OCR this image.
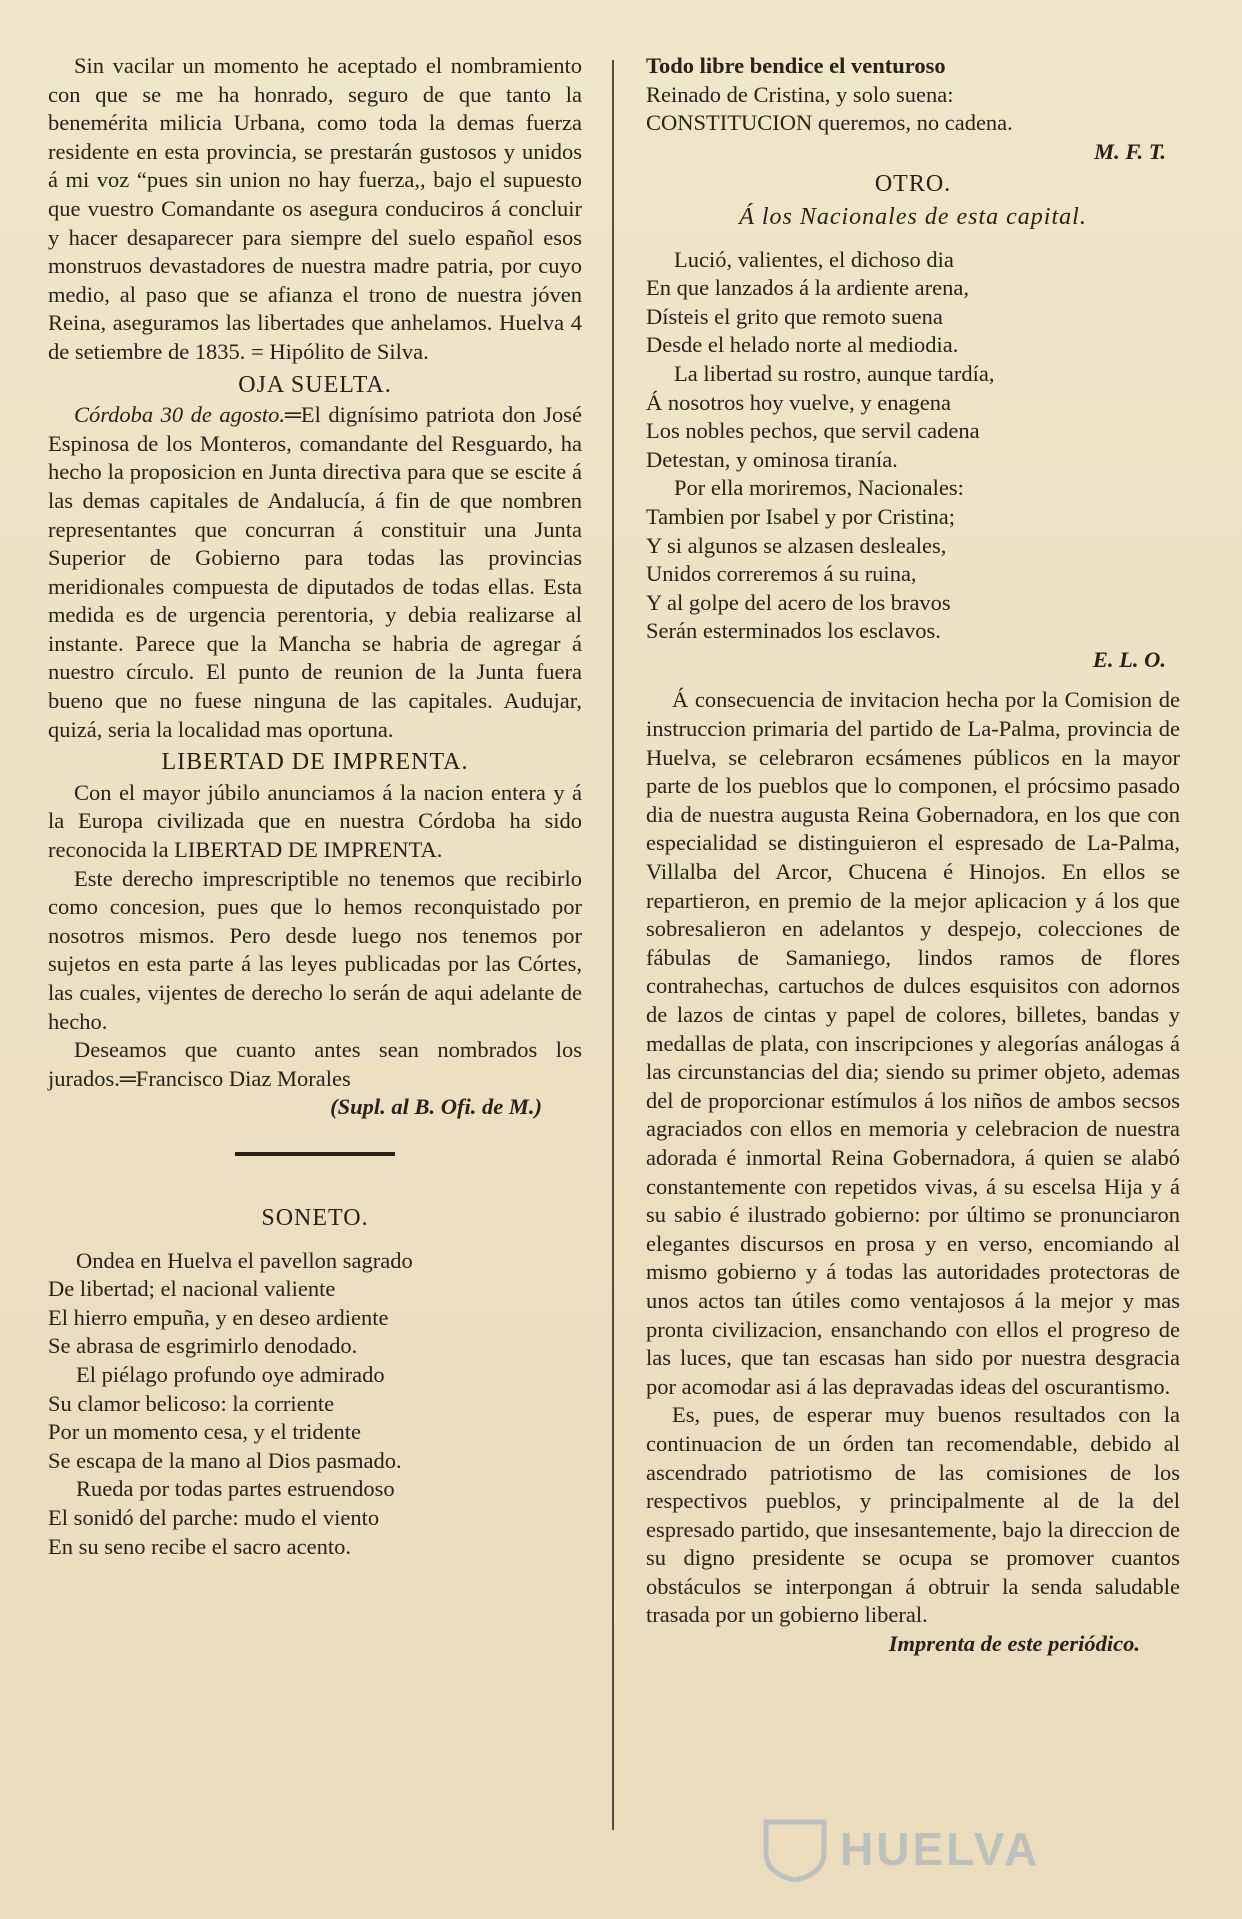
Sin vacilar un momento he aceptado el nombramiento con que se me ha honrado, seguro de que tanto la benemérita milicia Urbana, como toda la demas fuerza residente en esta provincia, se prestarán gustosos y unidos á mi voz “pues sin union no hay fuerza,, bajo el supuesto que vuestro Comandante os asegura conduciros á concluir y hacer desaparecer para siempre del suelo español esos monstruos devastadores de nuestra madre patria, por cuyo medio, al paso que se afianza el trono de nuestra jóven Reina, aseguramos las libertades que anhelamos. Huelva 4 de setiembre de 1835. = Hipólito de Silva.

OJA SUELTA.

Córdoba 30 de agosto.═El dignísimo patriota don José Espinosa de los Monteros, comandante del Resguardo, ha hecho la proposicion en Junta directiva para que se escite á las demas capitales de Andalucía, á fin de que nombren representantes que concurran á constituir una Junta Superior de Gobierno para todas las provincias meridionales compuesta de diputados de todas ellas. Esta medida es de urgencia perentoria, y debia realizarse al instante. Parece que la Mancha se habria de agregar á nuestro círculo. El punto de reunion de la Junta fuera bueno que no fuese ninguna de las capitales. Audujar, quizá, seria la localidad mas oportuna.

LIBERTAD DE IMPRENTA.

Con el mayor júbilo anunciamos á la nacion entera y á la Europa civilizada que en nuestra Córdoba ha sido reconocida la LIBERTAD DE IMPRENTA.

Este derecho imprescriptible no tenemos que recibirlo como concesion, pues que lo hemos reconquistado por nosotros mismos. Pero desde luego nos tenemos por sujetos en esta parte á las leyes publicadas por las Córtes, las cuales, vijentes de derecho lo serán de aqui adelante de hecho.

Deseamos que cuanto antes sean nombrados los jurados.═Francisco Diaz Morales

(Supl. al B. Ofi. de M.)
SONETO.
Ondea en Huelva el pavellon sagrado
De libertad; el nacional valiente
El hierro empuña, y en deseo ardiente
Se abrasa de esgrimirlo denodado.
El piélago profundo oye admirado
Su clamor belicoso: la corriente
Por un momento cesa, y el tridente
Se escapa de la mano al Dios pasmado.
Rueda por todas partes estruendoso
El sonidó del parche: mudo el viento
En su seno recibe el sacro acento.
Todo libre bendice el venturoso
Reinado de Cristina, y solo suena:
CONSTITUCION queremos, no cadena.
M. F. T.
OTRO.
Á los Nacionales de esta capital.
Lució, valientes, el dichoso dia
En que lanzados á la ardiente arena,
Dísteis el grito que remoto suena
Desde el helado norte al mediodia.
La libertad su rostro, aunque tardía,
Á nosotros hoy vuelve, y enagena
Los nobles pechos, que servil cadena
Detestan, y ominosa tiranía.
Por ella moriremos, Nacionales:
Tambien por Isabel y por Cristina;
Y si algunos se alzasen desleales,
Unidos correremos á su ruina,
Y al golpe del acero de los bravos
Serán esterminados los esclavos.
E. L. O.

Á consecuencia de invitacion hecha por la Comision de instruccion primaria del partido de La-Palma, provincia de Huelva, se celebraron ecsámenes públicos en la mayor parte de los pueblos que lo componen, el prócsimo pasado dia de nuestra augusta Reina Gobernadora, en los que con especialidad se distinguieron el espresado de La-Palma, Villalba del Arcor, Chucena é Hinojos. En ellos se repartieron, en premio de la mejor aplicacion y á los que sobresalieron en adelantos y despejo, colecciones de fábulas de Samaniego, lindos ramos de flores contrahechas, cartuchos de dulces esquisitos con adornos de lazos de cintas y papel de colores, billetes, bandas y medallas de plata, con inscripciones y alegorías análogas á las circunstancias del dia; siendo su primer objeto, ademas del de proporcionar estímulos á los niños de ambos secsos agraciados con ellos en memoria y celebracion de nuestra adorada é inmortal Reina Gobernadora, á quien se alabó constantemente con repetidos vivas, á su escelsa Hija y á su sabio é ilustrado gobierno: por último se pronunciaron elegantes discursos en prosa y en verso, encomiando al mismo gobierno y á todas las autoridades protectoras de unos actos tan útiles como ventajosos á la mejor y mas pronta civilizacion, ensanchando con ellos el progreso de las luces, que tan escasas han sido por nuestra desgracia por acomodar asi á las depravadas ideas del oscurantismo.

Es, pues, de esperar muy buenos resultados con la continuacion de un órden tan recomendable, debido al ascendrado patriotismo de las comisiones de los respectivos pueblos, y principalmente al de la del espresado partido, que insesantemente, bajo la direccion de su digno presidente se ocupa se promover cuantos obstáculos se interpongan á obtruir la senda saludable trasada por un gobierno liberal.

Imprenta de este periódico.
HUELVA
